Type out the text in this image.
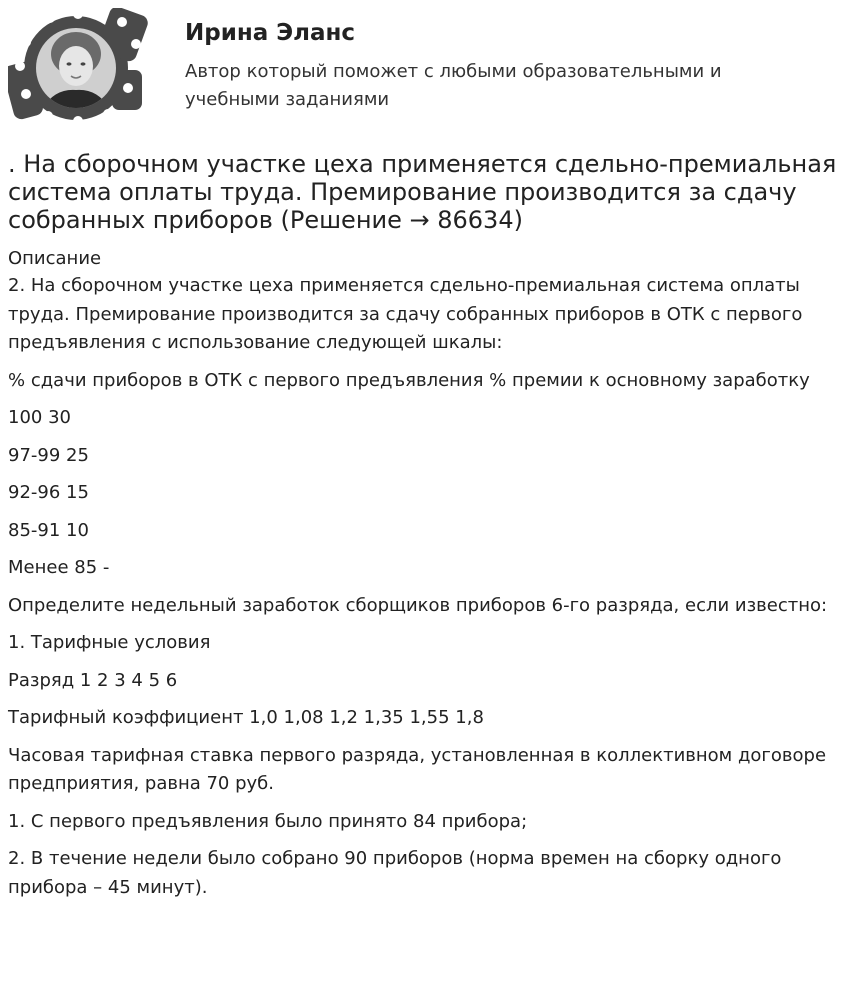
Ирина Эланс
Автор который поможет с любыми образовательными и учебными заданиями
. На сборочном участке цеха применяется сдельно-премиальная система оплаты труда. Премирование производится за сдачу собранных приборов (Решение → 86634)

Описание

2. На сборочном участке цеха применяется сдельно-премиальная система оплаты труда. Премирование производится за сдачу собранных приборов в ОТК с первого предъявления с использование следующей шкалы:

% сдачи приборов в ОТК с первого предъявления % премии к основному заработку

100 30

97-99 25

92-96 15

85-91 10

Менее 85 -

Определите недельный заработок сборщиков приборов 6-го разряда, если известно:

1. Тарифные условия

Разряд 1 2 3 4 5 6

Тарифный коэффициент 1,0 1,08 1,2 1,35 1,55 1,8

Часовая тарифная ставка первого разряда, установленная в коллективном договоре предприятия, равна 70 руб.

1. С первого предъявления было принято 84 прибора;

2. В течение недели было собрано 90 приборов (норма времен на сборку одного прибора – 45 минут).
